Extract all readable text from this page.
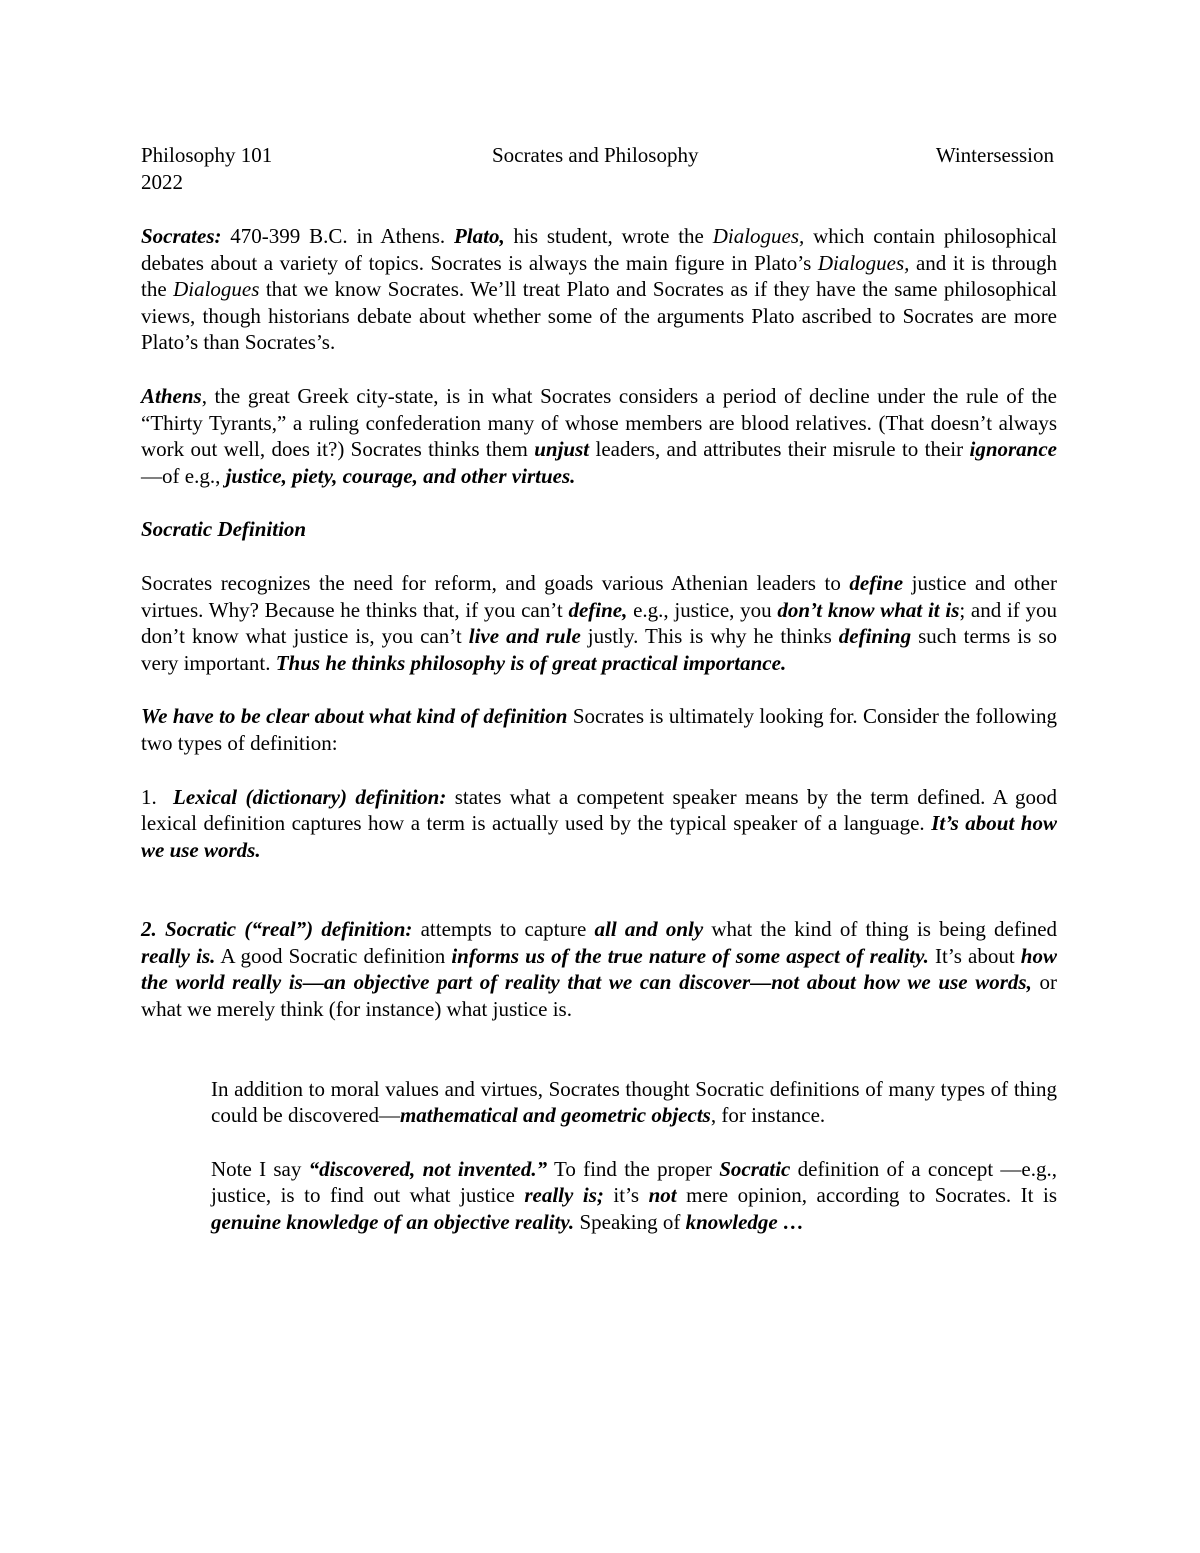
Philosophy 101	Socrates and Philosophy	Wintersession
2022

Socrates: 470-399 B.C. in Athens. Plato, his student, wrote the Dialogues, which contain philosophical debates about a variety of topics. Socrates is always the main figure in Plato’s Dialogues, and it is through the Dialogues that we know Socrates. We’ll treat Plato and Socrates as if they have the same philosophical views, though historians debate about whether some of the arguments Plato ascribed to Socrates are more Plato’s than Socrates’s.

Athens, the great Greek city-state, is in what Socrates considers a period of decline under the rule of the “Thirty Tyrants,” a ruling confederation many of whose members are blood relatives. (That doesn’t always work out well, does it?) Socrates thinks them unjust leaders, and attributes their misrule to their ignorance—of e.g., justice, piety, courage, and other virtues.

Socratic Definition

Socrates recognizes the need for reform, and goads various Athenian leaders to define justice and other virtues. Why? Because he thinks that, if you can’t define, e.g., justice, you don’t know what it is; and if you don’t know what justice is, you can’t live and rule justly. This is why he thinks defining such terms is so very important. Thus he thinks philosophy is of great practical importance.

We have to be clear about what kind of definition Socrates is ultimately looking for. Consider the following two types of definition:

1. Lexical (dictionary) definition: states what a competent speaker means by the term defined. A good lexical definition captures how a term is actually used by the typical speaker of a language. It’s about how we use words.

2. Socratic (“real”) definition: attempts to capture all and only what the kind of thing is being defined really is. A good Socratic definition informs us of the true nature of some aspect of reality. It’s about how the world really is—an objective part of reality that we can discover—not about how we use words, or what we merely think (for instance) what justice is.

In addition to moral values and virtues, Socrates thought Socratic definitions of many types of thing could be discovered—mathematical and geometric objects, for instance.

Note I say “discovered, not invented.” To find the proper Socratic definition of a concept —e.g., justice, is to find out what justice really is; it’s not mere opinion, according to Socrates. It is genuine knowledge of an objective reality. Speaking of knowledge …
